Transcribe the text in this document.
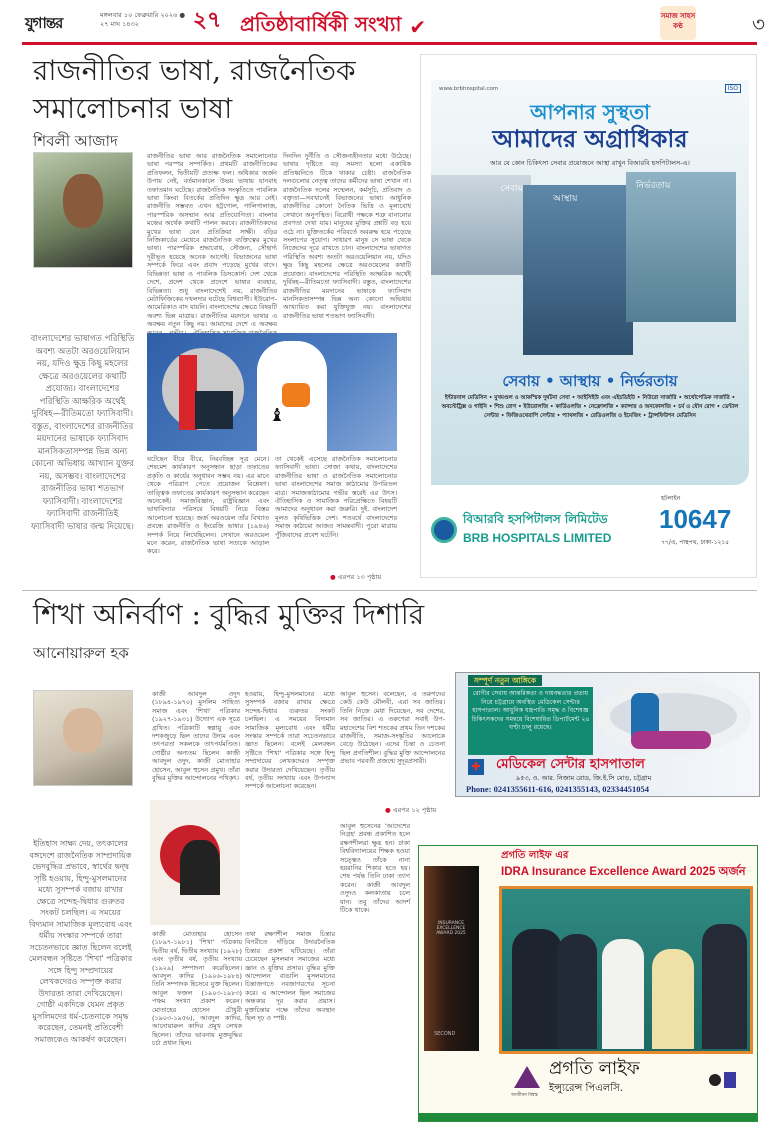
যুগান্তর	মঙ্গলবার ১০ ফেব্রুয়ারি ২০২৬ ● ২৭ মাঘ ১৪৩২	২৭ প্রতিষ্ঠাবার্ষিকী সংখ্যা ✔	সমাজ সাহস কণ্ঠ	৩
রাজনীতির ভাষা, রাজনৈতিক সমালোচনার ভাষা
শিবলী আজাদ
রাজনীতির ভাষা আর রাজনৈতিক সমালোচনার ভাষা পরস্পর সম্পর্কিত। প্রথমটি রাজনীতিকের প্রতিফলন, দ্বিতীয়টি প্রত্যক্ষ ফল। অধিকার অর্জন উপায় নেই, বর্তমানকালে উভয় ভাষায় যানবাহ তফাতমান ঘটেছে। রাজনৈতিক সংস্কৃতিতে পাবলিক ভাষা কিংবা বিতর্কের প্রতিদিন ক্ষুদ্র আর নেই। রাজনীতি সম্ভবত এখন হট্টগোল, গালিগালাজ, পারস্পরিক অসম্মান আর প্রতিযোগিতা। বাংলার মঞ্চের অর্থেক কথাটি পালন করবে। রাজনীতিকদের মুখের ভাষা যেন প্রতিক্রিয়া সাক্ষী। বড়ির নিজিকার্ডের মেধেবে রাজনৈতিক ব্যক্তিত্বের মুখের ভাষা। পারস্পরিক শ্রদ্ধাবোধ, সৌজন্য, সৌহার্দ্য দূরীভূত হয়েছে অনেক আগেই। বিভাজনের ভাষা সম্পর্কে ফিরে এবং প্রবাদ পড়েছে মুখের বাদে। বিভিন্নতা ভাষা ও পাবলিক ডিসকোর্স। দেশ থেকে দেশে, প্রদেশ থেকে প্রদেশে ভাষার ব্যবহার, বিভিন্নতা। শুধু বাংলাদেশেই নয়, রাজনীতির মেটাফিজিকের দখলদার ঘটেছে বিশ্বব্যাপী। ইউরোপ-আমেরিকাও বাদ যায়নি। বাংলাদেশের ক্ষেত্রে বিষয়টি অবশ্য ভিন্ন মাত্রায়। রাজনীতির ময়দানে ভাষার এ অবক্ষয় নতুন কিছু নয়। আমাদের দেশে এ অবক্ষয়
দিনদিন দুর্নীতি ও সৌজন্যহীনতার মধ্যে উঠেছে। ভাষার দৃষ্টিতে বড় সমস্যা হলো একাধিক প্রতিধ্বনিতে টিকে থাকার চেষ্টা। রাজনৈতিক দলগুলোর নেতৃত্ব তাদের কর্মীদের ভাষা শেখান না। রাজনৈতিক দলের সম্মেলন, কর্মসূচি, প্রতিবাদ ও বক্তৃতা—সবখানেই বিভাজনের ভাষা। আধুনিক রাজনীতির কোনো নৈতিক ভিত্তি ও মূল্যবোধ সেখানে অনুপস্থিত। বিরোধী পক্ষকে শত্রু বানানোর প্রবণতা দেখা যায়। মানুষের মুক্তির প্রশ্নটি বড় হয়ে ওঠে না। যুক্তিতর্কের পরিবর্তে অবরুদ্ধ হয়ে পড়েছে সংলাপের সুযোগ। সাধারণ মানুষ সে ভাষা থেকে নিজেদের দূরে রাখতে চান। বাংলাদেশের ভাষাগত পরিস্থিতি অবশ্য অতটা অরওয়েলিয়ান নয়, যদিও ক্ষুদ্র কিছু মহলের ক্ষেত্রে অরওয়েলের কথাটি প্রযোজ্য। বাংলাদেশের পরিস্থিতি আক্ষরিক অর্থেই দুর্বিষহ—রীতিমতো ফ্যাসিবাদী। বস্তুত, বাংলাদেশের রাজনীতির ময়দানের ভাষাকে ফ্যাসিবাদ মানসিকতাসম্পন্ন ভিন্ন অন্য কোনো অভিধায় আখ্যায়িত করা যুক্তিযুক্ত নয়। বাংলাদেশের রাজনীতির ভাষা শতভাগ ফ্যাসিবাদী।
বাংলাদেশের ভাষাগত পরিস্থিতি অবশ্য অতটা অরওয়েলিয়ান নয়, যদিও ক্ষুদ্র কিছু মহলের ক্ষেত্রে অরওয়েলের কথাটি প্রযোজ্য। বাংলাদেশের পরিস্থিতি আক্ষরিক অর্থেই দুর্বিষহ—রীতিমতো ফ্যাসিবাদী। বস্তুত, বাংলাদেশের রাজনীতির ময়দানের ভাষাকে ফ্যাসিবাদ মানসিকতাসম্পন্ন ভিন্ন অন্য কোনো অভিধায় আখ্যান যুক্তর নয়, অসম্ভব। বাংলাদেশের রাজনীতির ভাষা শতভাগ ফ্যাসিবাদী। বাংলাদেশের ফ্যাসিবাদী রাজনীতিই ফ্যাসিবাদী ভাষার জন্ম দিয়েছে।
♝
ঘটেছেন বীরে বীরে, নিরবচ্ছিন্ন সূত্র মেনে। শেষমেশ কার্যকারণ অনুসন্ধান ছাড়া তফাতের প্রকৃতি ও কার্যের অনুধাবন সম্ভব নয়। এর মানে থেকে পরিত্রাণ পেতে প্রয়োজন বিশ্লেষণ। তাত্ত্বিক তফাতের কার্যকারণ অনুসন্ধান করেছেন অনেকেই। সমাজবিজ্ঞান, রাষ্ট্রবিজ্ঞান এবং ভাষাবিদ্যার পরিসরে বিষয়টি নিয়ে বিস্তর আলোচনা হয়েছে। জর্জ অরওয়েল তাঁর বিখ্যাত প্রবন্ধে রাজনীতি ও ইংরেজি ভাষার (১৯৪৬) সম্পর্ক নিয়ে লিখেছিলেন। সেখানে অরওয়েল মনে করেন, রাজনৈতিক ভাষা সত্যকে আড়াল করে।
তা থেকেই এসেছে রাজনৈতিক সমালোচনার ফ্যাসিবাদী ভাষা। সোজা কথায়, বাংলাদেশের রাজনীতির ভাষা ও রাজনৈতিক সমালোচনার ভাষা বাংলাদেশের সমাজ কাঠামোর উপরিতল মাত্র। সমাজকাঠামোর গভীর স্তরেই এর উৎস। ঐতিহাসিক ও সামাজিক পরিপ্রেক্ষিতে বিষয়টি আমাদের অনুধাবন করা জরুরি। দুই. বাংলাদেশ মূলত কৃষিভিত্তিক দেশ। শতবর্ষে বাংলাদেশের সমাজ কাঠামো আজও সামন্তবাদী। পুরো মাত্রায় পুঁজিবাদের প্রবেশ ঘটেনি।
● এরপর ১৩ পৃষ্ঠায়
www.brbhospital.com	ISO
আপনার সুস্থতা
আমাদের অগ্রাধিকার
আর যে কোন চিকিৎসা সেবার প্রয়োজনে আস্থা রাখুন বিআরবি হসপিটালস-এ।
সেবায়
আস্থায়
নির্ভরতায়
সেবায় • আস্থায় • নির্ভরতায়
ইন্টারনাল মেডিসিন • মুখমণ্ডল ও আকস্মিক দুর্ঘটনা সেবা • আইসিইউ এবং এইচডিইউ • নিউরো সার্জারি • অর্থোপেডিক সার্জারি • অবস্টেট্রিক্স ও গাইনি • শিশু রোগ • ইউরোলজি • কার্ডিওলজি • নেফ্রোলজি • ক্যান্সার ও অনকোলজি • চর্ম ও যৌন রোগ • ডেন্টাল সেন্টার • ফিজিওথেরাপি সেন্টার • প্যাথলজি • রেডিওলজি ও ইমেজিং • ট্রান্সফিউশন মেডিসিন
বিআরবি হসপিটালস লিমিটেড
BRB HOSPITALS LIMITED
হটলাইন
10647
৭৭/এ, পান্থপথ, ঢাকা-১২১৫
শিখা অনির্বাণ : বুদ্ধির মুক্তির দিশারি
আনোয়ারুল হক
কাজী আবদুল ওদুদ (১৮৯৪-১৯৭০) মুসলিম সাহিত্য সমাজ এবং 'শিখা' পত্রিকার (১৯২৭-১৯৩১) উদ্যোগ এক সূত্রে গ্রথিত। পত্রিকাটি স্বল্পায়ু এবং দশকজুড়ে ছিল তাদের উদ্যম এবং তৎপরতা সকলকে তাৎপর্যমণ্ডিত। গোষ্ঠীর অন্যতম ছিলেন কাজী আবদুল ওদুদ, কাজী মোতাহার হোসেন, আবুল হুসেন প্রমুখ। তাঁরা বুদ্ধির মুক্তির আন্দোলনের পথিকৃৎ।
হওয়ায়, হিন্দু-মুসলমানের মধ্যে সুসম্পর্ক বজায় রাখার ক্ষেত্রে সন্দেহ-দ্বিধার গুরুতর সংকট চলছিল। এ সময়ের বিদ্যমান সামাজিক মূল্যবোধ এবং ধর্মীয় সংস্কার সম্পর্কে তারা সচেতনভাবে জ্ঞাত ছিলেন। বলেই মেলবন্ধন সৃষ্টিতে 'শিখা' পত্রিকার সঙ্গে হিন্দু সম্প্রদায়ের লেখকদেরও সম্পৃক্ত করার উদারতা দেখিয়েছেন। তৃতীয় বর্ষ, তৃতীয় সংখ্যায় এবং উপন্যাস সম্পর্কে আলোচনা করেছেন।
আবুল হুসেন। বলেছেন, এ তরুণদের কেউ কেউ মৌলবী, এরা সব জাতির। তিনি নিজে মেধা দিয়েছেন, সব দেশের, সব জাতির। এ তরুণেরা সবাই উপ-মহাদেশের বিশ শতকের প্রথম তিন দশকের রাজনীতি, সমাজ-সংস্কৃতির আলোকে বেড়ে উঠেছেন। এদের চিন্তা ও চেতনা ছিল প্রগতিশীল। বুদ্ধির মুক্তি আন্দোলনের প্রভাব পরবর্তী প্রজন্মে সুদূরপ্রসারী।
● এরপর ১২ পৃষ্ঠায়
ইতিহাস সাক্ষ্য দেয়, তৎকালের বঙ্গদেশে রাজনৈতিক সাম্প্রদায়িক ভেদবুদ্ধির প্রভাবে, স্বার্থের দ্বন্দ্ব সৃষ্টি হওয়ায়, হিন্দু-মুসলমানের মধ্যে সুসম্পর্ক বজায় রাখার ক্ষেত্রে সন্দেহ-দ্বিধার গুরুতর সংকট চলছিল। এ সময়ের বিদ্যমান সামাজিক মূল্যবোধ এবং ধর্মীয় সংস্কার সম্পর্কে তারা সচেতনভাবে জ্ঞাত ছিলেন বলেই মেলবন্ধন সৃষ্টিতে 'শিখা' পত্রিকার সঙ্গে হিন্দু সম্প্রদায়ের লেখকদেরও সম্পৃক্ত করার উদারতা তারা দেখিয়েছেন। গোষ্ঠী একদিকে যেমন প্রকৃত মুসলিমদের ধর্ম-চেতনাকে সমৃদ্ধ করেছেন, তেমনই প্রতিবেশী সমাজকেও আকর্ষণ করেছেন।
কাজী মোতাহার হোসেন (১৮৯৭-১৯৮১) 'শিখা' পত্রিকায় দ্বিতীয় বর্ষ, দ্বিতীয় সংখ্যায় (১৯২৮) এবং তৃতীয় বর্ষ, তৃতীয় সংখ্যায় (১৯২৯) সম্পাদনা করেছিলেন। আবদুল কাদির (১৯০৬-১৯৮৪) তিনি সম্পাদক হিসেবে যুক্ত ছিলেন। আবুল ফজল (১৯০৩-১৯৮৩) পঞ্চম সংখ্যা প্রকাশ করেন। মোতাহের হোসেন চৌধুরী (১৯০৩-১৯৫৬), আবদুল কাদির, আনোয়ারুল কাদির প্রমুখ লেখক ছিলেন। তাঁদের ভাবনায় মুক্তবুদ্ধির চর্চা প্রধান ছিল।
তথা রক্ষণশীল সমাজ চিন্তার বিপরীতে দাঁড়িয়ে উদারনৈতিক চিন্তার প্রকাশ ঘটিয়েছে। তাঁরা চেয়েছেন মুসলমান সমাজের মধ্যে জ্ঞান ও যুক্তির প্রসার। বুদ্ধির মুক্তি আন্দোলন বাঙালি মুসলমানের চিন্তাজগতে নবজাগরণের সূচনা করে। এ আন্দোলন ছিল সমাজের অন্ধকার দূর করার প্রয়াস। মুক্তচিন্তার পক্ষে তাঁদের অবস্থান ছিল দৃঢ় ও স্পষ্ট।
আবুল হুসেনের 'আদেশের নিগ্রহ' প্রবন্ধ প্রকাশিত হলে রক্ষণশীলরা ক্ষুব্ধ হন। ঢাকা বিশ্ববিদ্যালয়ের শিক্ষক হওয়া সত্ত্বেও তাঁকে নানা হয়রানির শিকার হতে হয়। শেষ পর্যন্ত তিনি ঢাকা ত্যাগ করেন। কাজী আবদুল ওদুদও কলকাতায় চলে যান। তবু তাঁদের আদর্শ টিকে থাকে।
সম্পূর্ণ নতুন আঙ্গিকে
রোগীর সেবায় আন্তরিকতা ও দায়বদ্ধতার প্রত্যয় নিয়ে চট্টগ্রামে অবস্থিত মেডিকেল সেন্টার হাসপাতাল। আধুনিক যন্ত্রপাতি সমৃদ্ধ ও বিশেষজ্ঞ চিকিৎসকদের সমন্বয়ে বিশেষায়িত ডিপার্টমেন্ট ২৪ ঘণ্টা চালু রয়েছে।
✚ মেডিকেল সেন্টার হাসপাতাল
৯৫৩, ও. আর. নিজাম রোড, জি.ই.সি মোড়, চট্টগ্রাম
Phone: 0241355611-616, 0241355143, 02334451054
প্রগতি লাইফ এর
IDRA Insurance Excellence Award 2025 অর্জন
INSURANCE EXCELLENCE AWARD 2025
SECOND
আজীবন বিশ্বস্ত
প্রগতি লাইফ
ইন্স্যুরেন্স পিএলসি.
